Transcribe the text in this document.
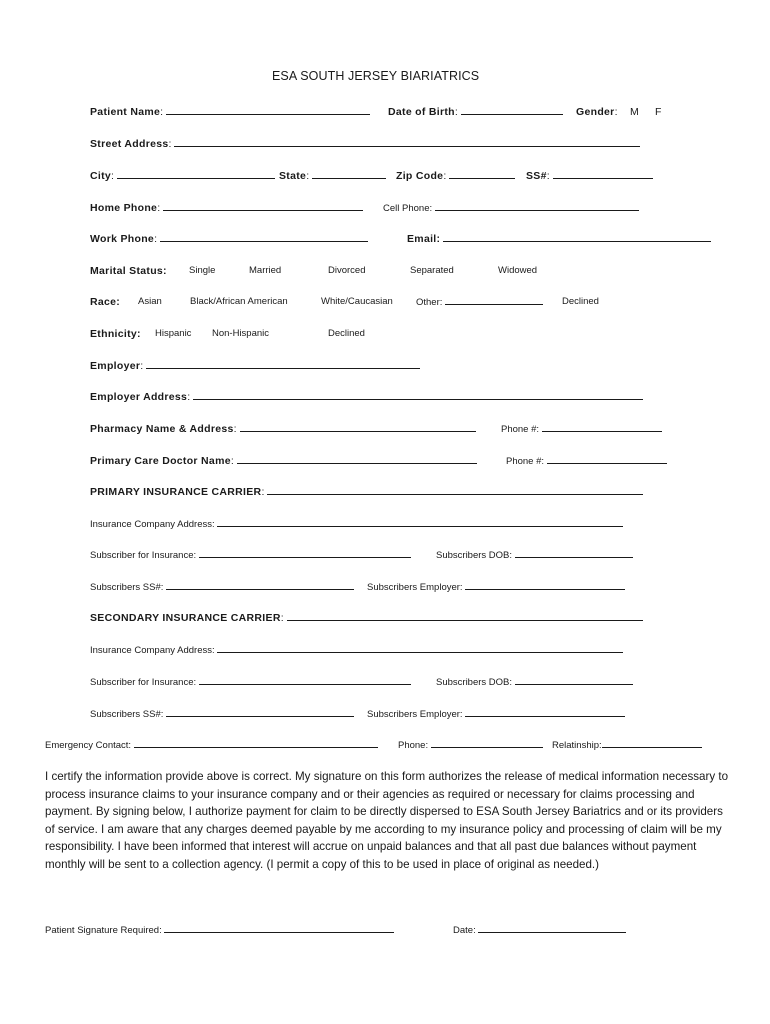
ESA SOUTH JERSEY BIARIATRICS
Patient Name:	Date of Birth:	Gender: M F
Street Address:
City:	State:	Zip Code:	SS#:
Home Phone:	Cell Phone:
Work Phone:	Email:
Marital Status: Single	Married	Divorced	Separated	Widowed
Race: Asian	Black/African American	White/Caucasian Other:	Declined
Ethnicity: Hispanic Non-Hispanic	Declined
Employer:
Employer Address:
Pharmacy Name & Address:	Phone #:
Primary Care Doctor Name:	Phone #:
PRIMARY INSURANCE CARRIER:
Insurance Company Address:
Subscriber for Insurance:	Subscribers DOB:
Subscribers SS#:	Subscribers Employer:
SECONDARY INSURANCE CARRIER:
Insurance Company Address:
Subscriber for Insurance:	Subscribers DOB:
Subscribers SS#:	Subscribers Employer:
Emergency Contact:	Phone:	Relatinship:

I certify the information provide above is correct. My signature on this form authorizes the release of medical information necessary to process insurance claims to your insurance company and or their agencies as required or necessary for claims processing and payment. By signing below, I authorize payment for claim to be directly dispersed to ESA South Jersey Bariatrics and or its providers of service. I am aware that any charges deemed payable by me according to my insurance policy and processing of claim will be my responsibility. I have been informed that interest will accrue on unpaid balances and that all past due balances without payment monthly will be sent to a collection agency. (I permit a copy of this to be used in place of original as needed.)

Patient Signature Required:	Date:
